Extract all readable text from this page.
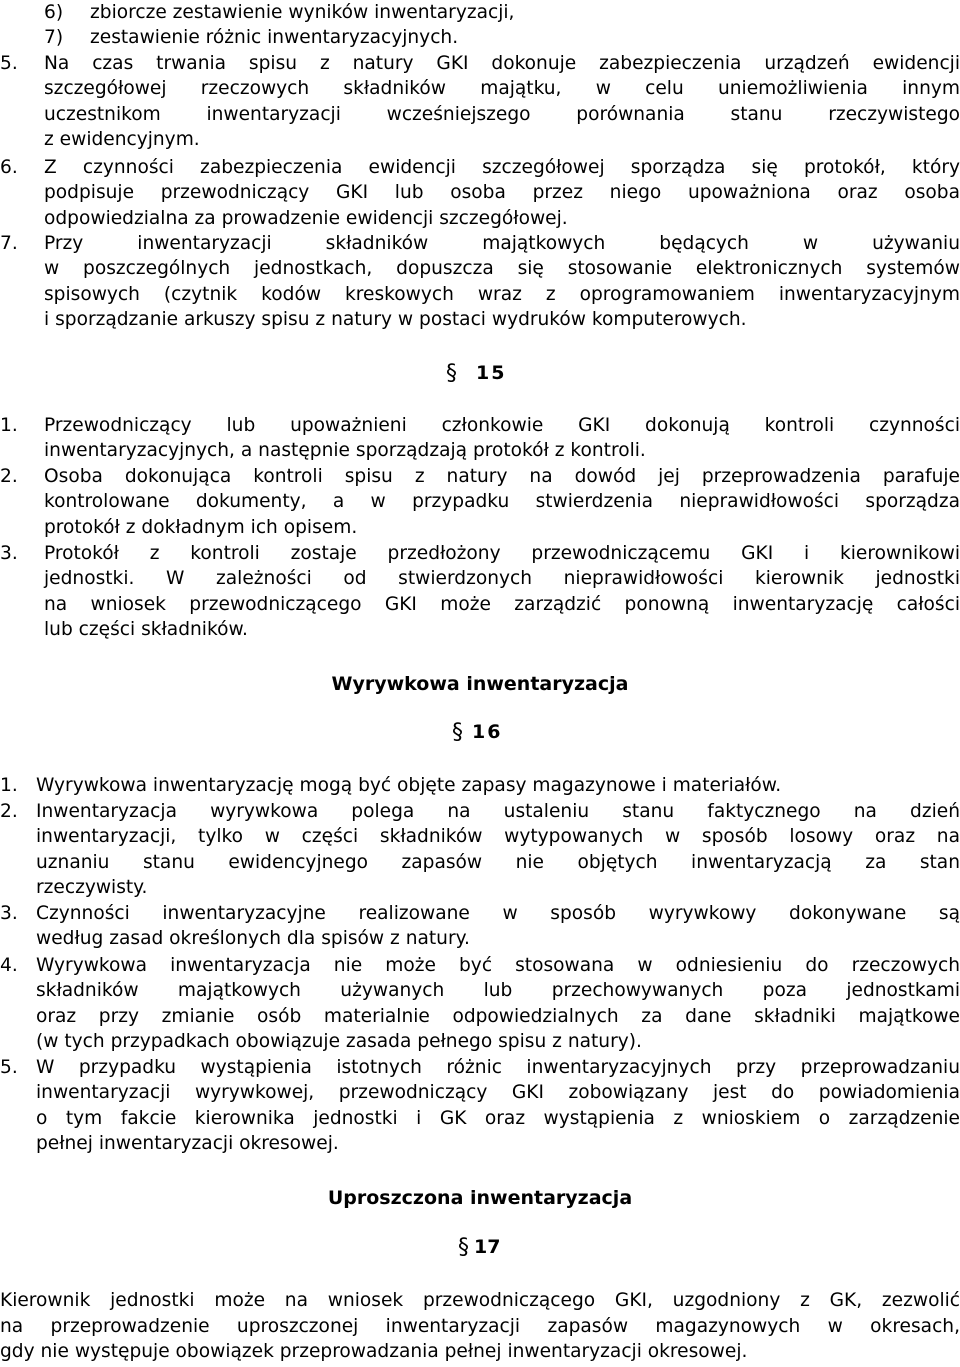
6) zbiorcze zestawienie wyników inwentaryzacji,
7) zestawienie różnic inwentaryzacyjnych.
5. Na czas trwania spisu z natury GKI dokonuje zabezpieczenia urządzeń ewidencji
szczegółowej rzeczowych składników majątku, w celu uniemożliwienia innym
uczestnikom inwentaryzacji wcześniejszego porównania stanu rzeczywistego
z ewidencyjnym.
6. Z czynności zabezpieczenia ewidencji szczegółowej sporządza się protokół, który
podpisuje przewodniczący GKI lub osoba przez niego upoważniona oraz osoba
odpowiedzialna za prowadzenie ewidencji szczegółowej.
7. Przy inwentaryzacji składników majątkowych będących w używaniu
w poszczególnych jednostkach, dopuszcza się stosowanie elektronicznych systemów
spisowych (czytnik kodów kreskowych wraz z oprogramowaniem inwentaryzacyjnym
i sporządzanie arkuszy spisu z natury w postaci wydruków komputerowych.
§ 15
1. Przewodniczący lub upoważnieni członkowie GKI dokonują kontroli czynności
inwentaryzacyjnych, a następnie sporządzają protokół z kontroli.
2. Osoba dokonująca kontroli spisu z natury na dowód jej przeprowadzenia parafuje
kontrolowane dokumenty, a w przypadku stwierdzenia nieprawidłowości sporządza
protokół z dokładnym ich opisem.
3. Protokół z kontroli zostaje przedłożony przewodniczącemu GKI i kierownikowi
jednostki. W zależności od stwierdzonych nieprawidłowości kierownik jednostki
na wniosek przewodniczącego GKI może zarządzić ponowną inwentaryzację całości
lub części składników.
Wyrywkowa inwentaryzacja
§ 16
1. Wyrywkowa inwentaryzację mogą być objęte zapasy magazynowe i materiałów.
2. Inwentaryzacja wyrywkowa polega na ustaleniu stanu faktycznego na dzień
inwentaryzacji, tylko w części składników wytypowanych w sposób losowy oraz na
uznaniu stanu ewidencyjnego zapasów nie objętych inwentaryzacją za stan
rzeczywisty.
3. Czynności inwentaryzacyjne realizowane w sposób wyrywkowy dokonywane są
według zasad określonych dla spisów z natury.
4. Wyrywkowa inwentaryzacja nie może być stosowana w odniesieniu do rzeczowych
składników majątkowych używanych lub przechowywanych poza jednostkami
oraz przy zmianie osób materialnie odpowiedzialnych za dane składniki majątkowe
(w tych przypadkach obowiązuje zasada pełnego spisu z natury).
5. W przypadku wystąpienia istotnych różnic inwentaryzacyjnych przy przeprowadzaniu
inwentaryzacji wyrywkowej, przewodniczący GKI zobowiązany jest do powiadomienia
o tym fakcie kierownika jednostki i GK oraz wystąpienia z wnioskiem o zarządzenie
pełnej inwentaryzacji okresowej.
Uproszczona inwentaryzacja
§ 17
Kierownik jednostki może na wniosek przewodniczącego GKI, uzgodniony z GK, zezwolić
na przeprowadzenie uproszczonej inwentaryzacji zapasów magazynowych w okresach,
gdy nie występuje obowiązek przeprowadzania pełnej inwentaryzacji okresowej.
